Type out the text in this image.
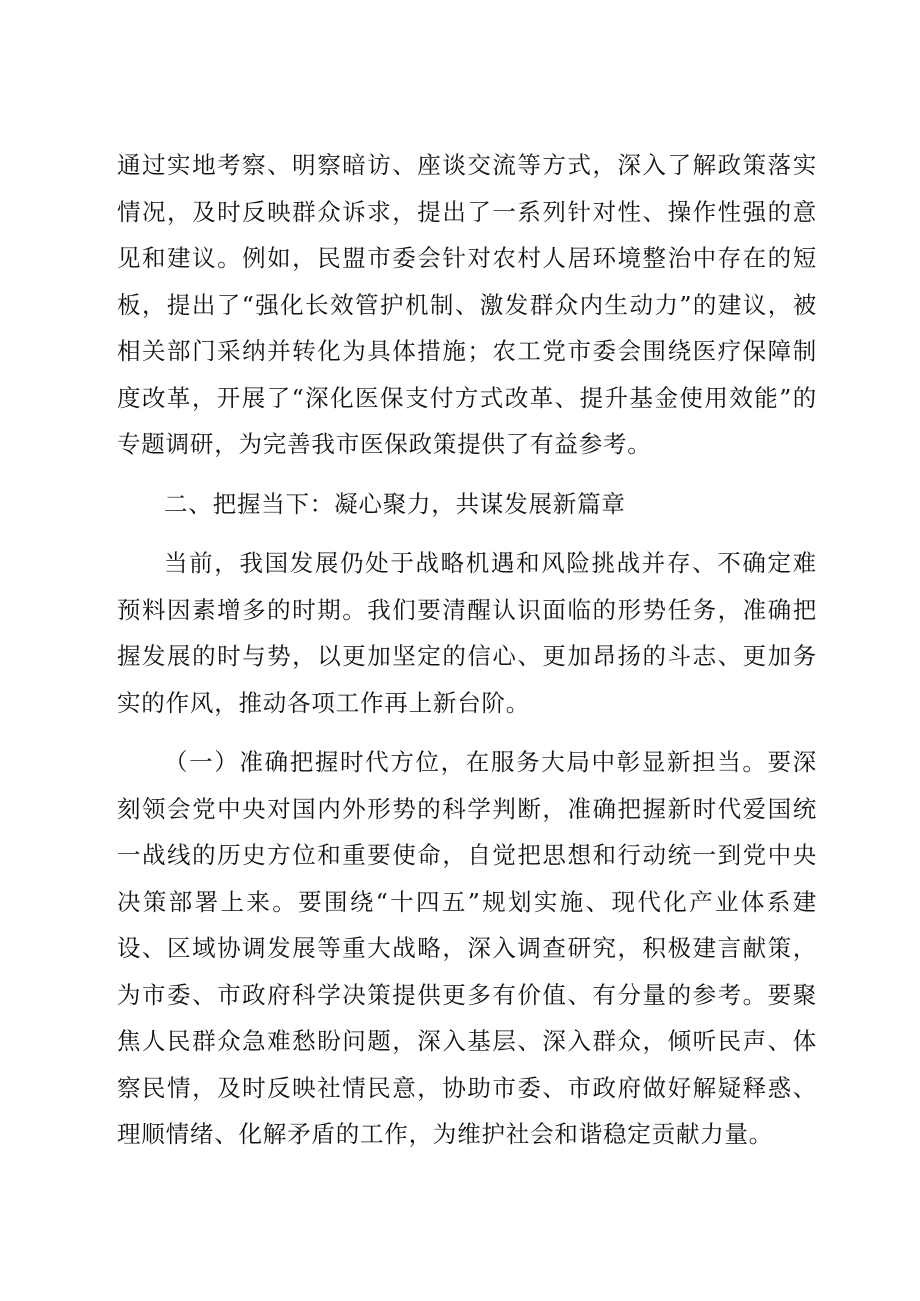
通过实地考察、明察暗访、座谈交流等方式，深入了解政策落实情况，及时反映群众诉求，提出了一系列针对性、操作性强的意见和建议。例如，民盟市委会针对农村人居环境整治中存在的短板，提出了“强化长效管护机制、激发群众内生动力”的建议，被相关部门采纳并转化为具体措施；农工党市委会围绕医疗保障制度改革，开展了“深化医保支付方式改革、提升基金使用效能”的专题调研，为完善我市医保政策提供了有益参考。

二、把握当下：凝心聚力，共谋发展新篇章

当前，我国发展仍处于战略机遇和风险挑战并存、不确定难预料因素增多的时期。我们要清醒认识面临的形势任务，准确把握发展的时与势，以更加坚定的信心、更加昂扬的斗志、更加务实的作风，推动各项工作再上新台阶。

（一）准确把握时代方位，在服务大局中彰显新担当。要深刻领会党中央对国内外形势的科学判断，准确把握新时代爱国统一战线的历史方位和重要使命，自觉把思想和行动统一到党中央决策部署上来。要围绕“十四五”规划实施、现代化产业体系建设、区域协调发展等重大战略，深入调查研究，积极建言献策，为市委、市政府科学决策提供更多有价值、有分量的参考。要聚焦人民群众急难愁盼问题，深入基层、深入群众，倾听民声、体察民情，及时反映社情民意，协助市委、市政府做好解疑释惑、理顺情绪、化解矛盾的工作，为维护社会和谐稳定贡献力量。
